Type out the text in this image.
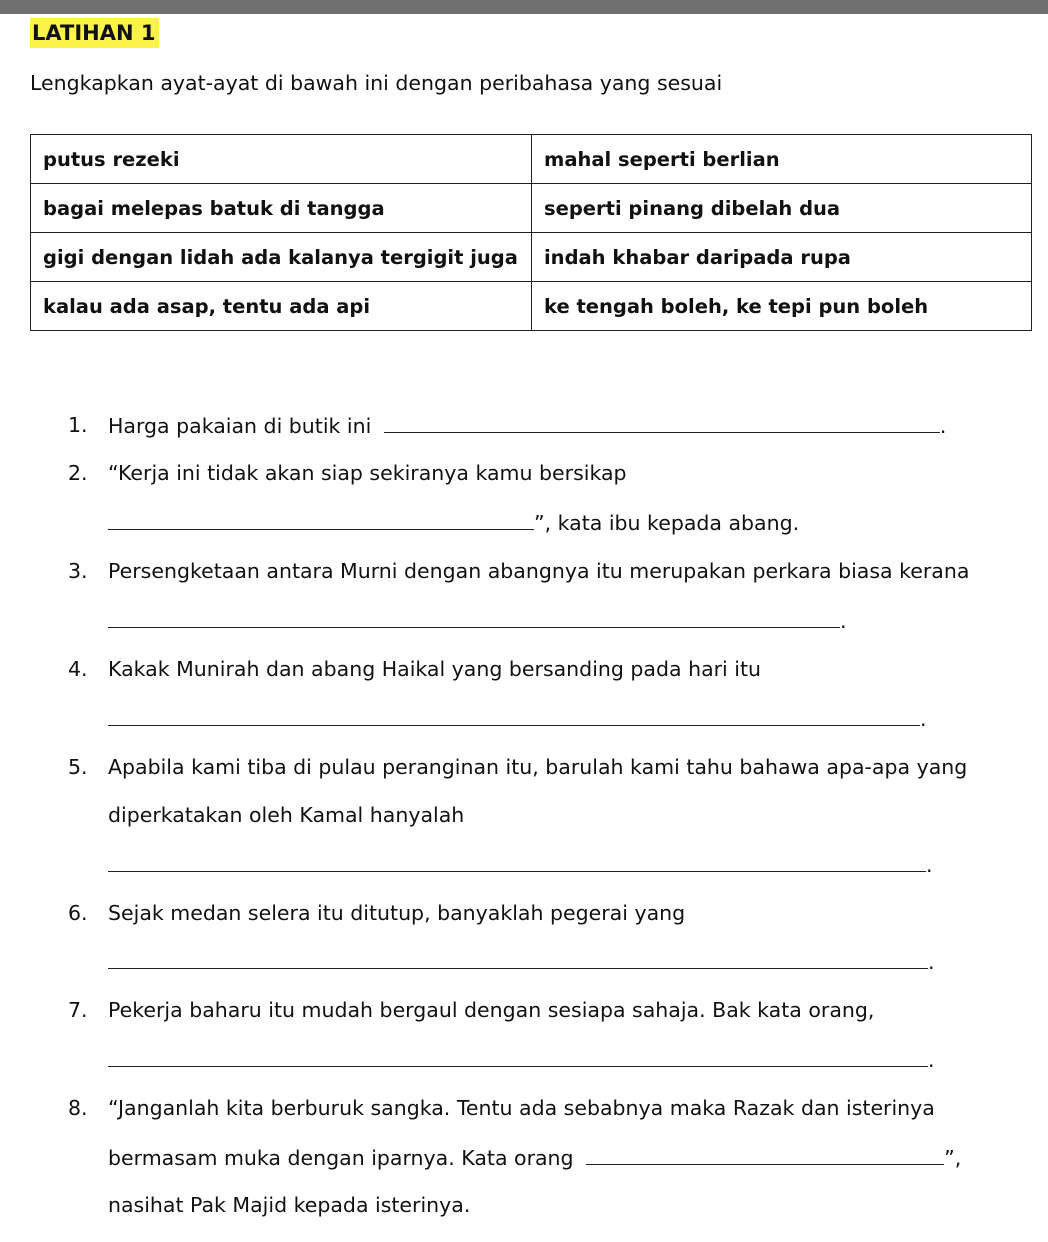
LATIHAN 1
Lengkapkan ayat-ayat di bawah ini dengan peribahasa yang sesuai
putus rezeki	mahal seperti berlian
bagai melepas batuk di tangga	seperti pinang dibelah dua
gigi dengan lidah ada kalanya tergigit juga	indah khabar daripada rupa
kalau ada asap, tentu ada api	ke tengah boleh, ke tepi pun boleh
1. Harga pakaian di butik ini	.
2. “Kerja ini tidak akan siap sekiranya kamu bersikap
”, kata ibu kepada abang.
3. Persengketaan antara Murni dengan abangnya itu merupakan perkara biasa kerana
.
4. Kakak Munirah dan abang Haikal yang bersanding pada hari itu
.
5. Apabila kami tiba di pulau peranginan itu, barulah kami tahu bahawa apa-apa yang
diperkatakan oleh Kamal hanyalah
.
6. Sejak medan selera itu ditutup, banyaklah pegerai yang
.
7. Pekerja baharu itu mudah bergaul dengan sesiapa sahaja. Bak kata orang,
.
8. “Janganlah kita berburuk sangka. Tentu ada sebabnya maka Razak dan isterinya
bermasam muka dengan iparnya. Kata orang	”,
nasihat Pak Majid kepada isterinya.
